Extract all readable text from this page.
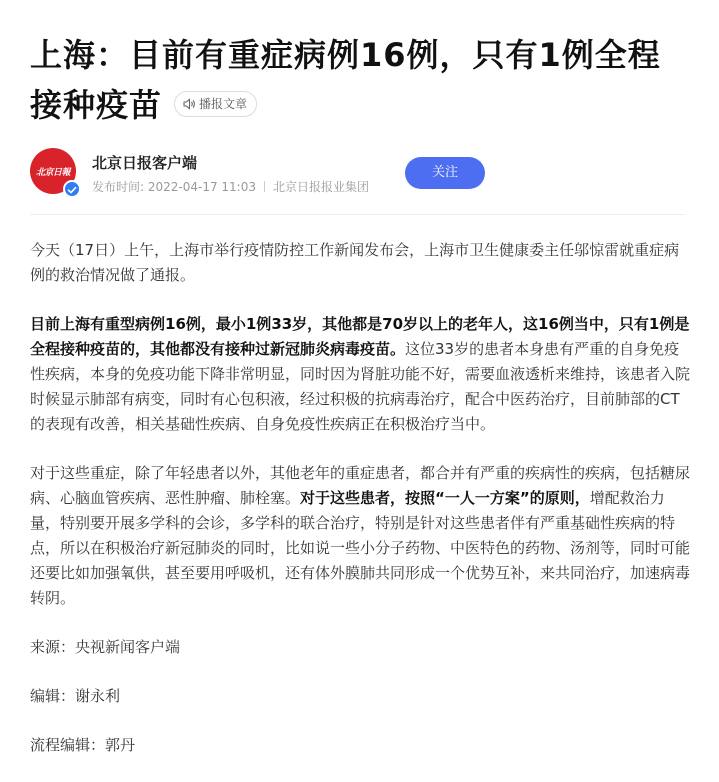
上海：目前有重症病例16例，只有1例全程接种疫苗	播报文章
北京日報
北京日报客户端
发布时间: 2022-04-17 11:03 北京日报报业集团
关注

今天（17日）上午，上海市举行疫情防控工作新闻发布会，上海市卫生健康委主任邬惊雷就重症病例的救治情况做了通报。

目前上海有重型病例16例，最小1例33岁，其他都是70岁以上的老年人，这16例当中，只有1例是全程接种疫苗的，其他都没有接种过新冠肺炎病毒疫苗。这位33岁的患者本身患有严重的自身免疫性疾病，本身的免疫功能下降非常明显，同时因为肾脏功能不好，需要血液透析来维持，该患者入院时候显示肺部有病变，同时有心包积液，经过积极的抗病毒治疗，配合中医药治疗，目前肺部的CT的表现有改善，相关基础性疾病、自身免疫性疾病正在积极治疗当中。

对于这些重症，除了年轻患者以外，其他老年的重症患者，都合并有严重的疾病性的疾病，包括糖尿病、心脑血管疾病、恶性肿瘤、肺栓塞。对于这些患者，按照“一人一方案”的原则，增配救治力量，特别要开展多学科的会诊，多学科的联合治疗，特别是针对这些患者伴有严重基础性疾病的特点，所以在积极治疗新冠肺炎的同时，比如说一些小分子药物、中医特色的药物、汤剂等，同时可能还要比如加强氧供，甚至要用呼吸机，还有体外膜肺共同形成一个优势互补，来共同治疗，加速病毒转阴。

来源：央视新闻客户端

编辑：谢永利

流程编辑：郭丹
